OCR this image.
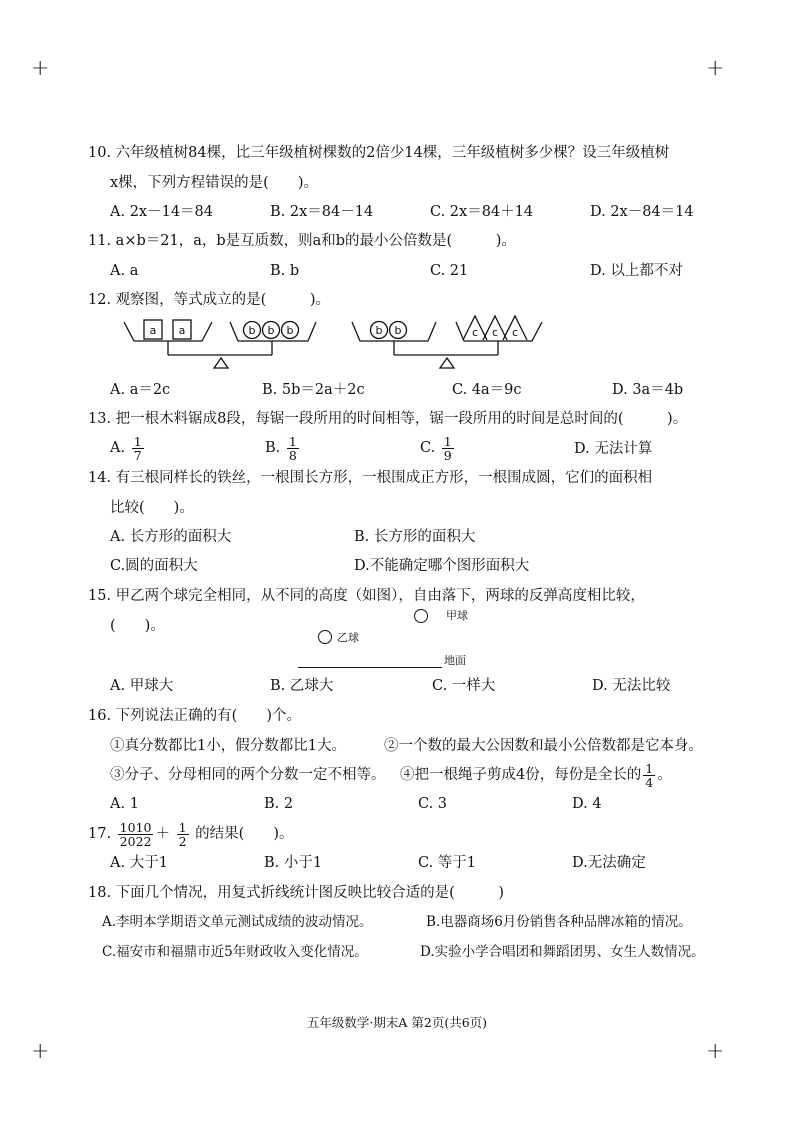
+	+
+	+
10. 六年级植树84棵，比三年级植树棵数的2倍少14棵，三年级植树多少棵？设三年级植树
x棵，下列方程错误的是(　　)。
A. 2x－14＝84	B. 2x＝84－14	C. 2x＝84＋14	D. 2x－84＝14
11. a×b＝21，a，b是互质数，则a和b的最小公倍数是(　　　)。
A. a	B. b	C. 21	D. 以上都不对
12. 观察图，等式成立的是(　　　)。
a a	b b b	b b	c c c
A. a＝2c	B. 5b＝2a＋2c	C. 4a＝9c	D. 3a＝4b
13. 把一根木料锯成8段，每锯一段所用的时间相等，锯一段所用的时间是总时间的(　　　)。
A. $\frac{1}{7}$	B. $\frac{1}{8}$	C. $\frac{1}{9}$	D. 无法计算
14. 有三根同样长的铁丝，一根围长方形，一根围成正方形，一根围成圆，它们的面积相
比较(　　)。
A. 长方形的面积大	B. 长方形的面积大
C.圆的面积大	D.不能确定哪个图形面积大
15. 甲乙两个球完全相同，从不同的高度（如图），自由落下，两球的反弹高度相比较，
(　　)。
甲球
乙球
地面
A. 甲球大	B. 乙球大	C. 一样大	D. 无法比较
16. 下列说法正确的有(　　)个。
①真分数都比1小，假分数都比1大。	②一个数的最大公因数和最小公倍数都是它本身。
③分子、分母相同的两个分数一定不相等。 ④把一根绳子剪成4份，每份是全长的 $\frac{1}{4}$ 。
A. 1	B. 2	C. 3	D. 4
17. $\frac{1010}{2022} + \frac{1}{2}$ 的结果(　　)。
A. 大于1	B. 小于1	C. 等于1	D.无法确定
18. 下面几个情况，用复式折线统计图反映比较合适的是(　　　)
A.李明本学期语文单元测试成绩的波动情况。	B.电器商场6月份销售各种品牌冰箱的情况。
C.福安市和福鼎市近5年财政收入变化情况。	D.实验小学合唱团和舞蹈团男、女生人数情况。
五年级数学·期末A 第2页(共6页)
